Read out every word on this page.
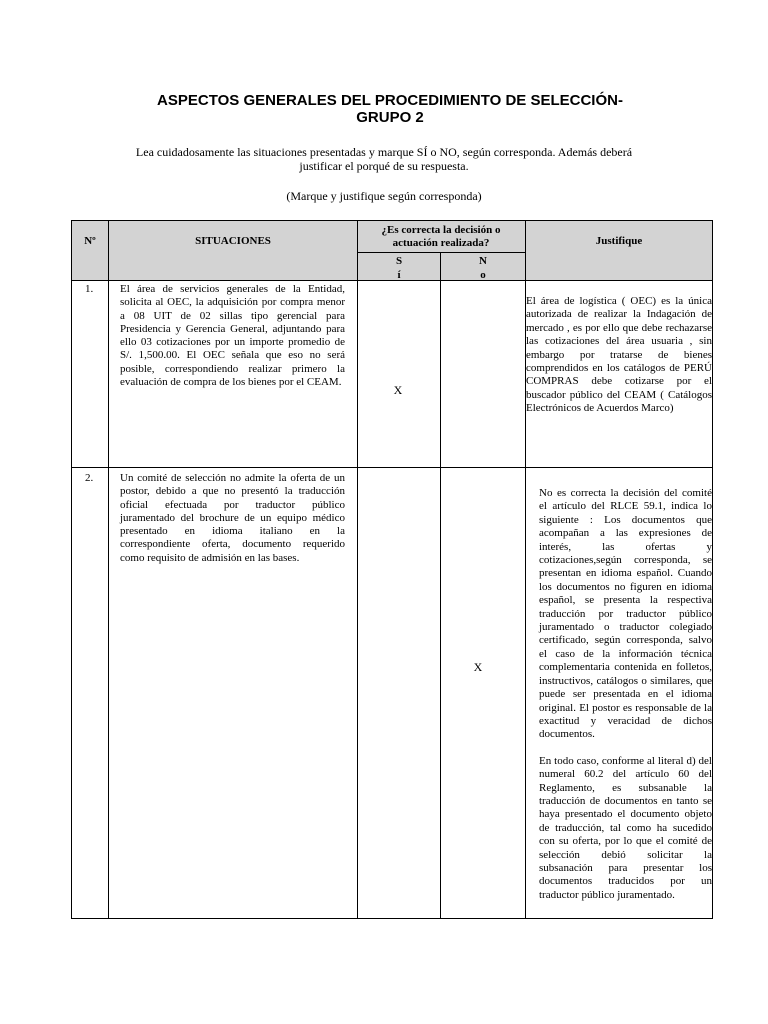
ASPECTOS GENERALES DEL PROCEDIMIENTO DE SELECCIÓN-
GRUPO 2
Lea cuidadosamente las situaciones presentadas y marque SÍ o NO, según corresponda. Además deberá justificar el porqué de su respuesta.
(Marque y justifique según corresponda)
Nº	SITUACIONES
¿Es correcta la decisión o actuación realizada?	Justifique
S
í
N
o
1. El área de servicios generales de la Entidad, solicita al OEC, la adquisición por compra menor a 08 UIT de 02 sillas tipo gerencial para Presidencia y Gerencia General, adjuntando para ello 03 cotizaciones por un importe promedio de S/. 1,500.00. El OEC señala que eso no será posible, correspondiendo realizar primero la evaluación de compra de los bienes por el CEAM.
X

El área de logística ( OEC) es la única autorizada de realizar la Indagación de mercado , es por ello que debe rechazarse las cotizaciones del área usuaria , sin embargo por tratarse de bienes comprendidos en los catálogos de PERÚ COMPRAS debe cotizarse por el buscador público del CEAM ( Catálogos Electrónicos de Acuerdos Marco)

2. Un comité de selección no admite la oferta de un postor, debido a que no presentó la traducción oficial efectuada por traductor público juramentado del brochure de un equipo médico presentado en idioma italiano en la correspondiente oferta, documento requerido como requisito de admisión en las bases.
X

No es correcta la decisión del comité el artículo del RLCE 59.1, indica lo siguiente : Los documentos que acompañan a las expresiones de interés, las ofertas y cotizaciones,según corresponda, se presentan en idioma español. Cuando los documentos no figuren en idioma español, se presenta la respectiva traducción por traductor público juramentado o traductor colegiado certificado, según corresponda, salvo el caso de la información técnica complementaria contenida en folletos, instructivos, catálogos o similares, que puede ser presentada en el idioma original. El postor es responsable de la exactitud y veracidad de dichos documentos.

En todo caso, conforme al literal d) del numeral 60.2 del artículo 60 del Reglamento, es subsanable la traducción de documentos en tanto se haya presentado el documento objeto de traducción, tal como ha sucedido con su oferta, por lo que el comité de selección debió solicitar la subsanación para presentar los documentos traducidos por un traductor público juramentado.
